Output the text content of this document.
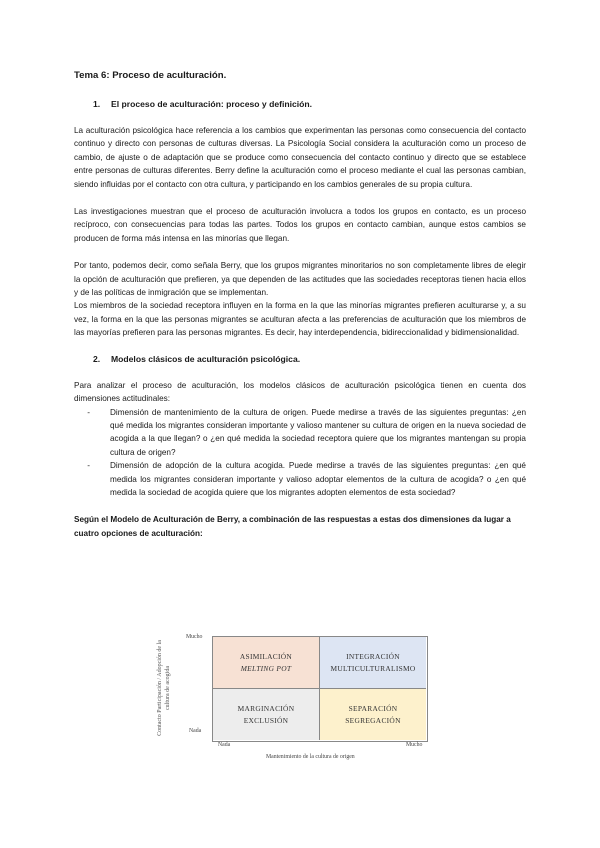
Tema 6: Proceso de aculturación.
1.	El proceso de aculturación: proceso y definición.

La aculturación psicológica hace referencia a los cambios que experimentan las personas como consecuencia del contacto continuo y directo con personas de culturas diversas. La Psicología Social considera la aculturación como un proceso de cambio, de ajuste o de adaptación que se produce como consecuencia del contacto continuo y directo que se establece entre personas de culturas diferentes. Berry define la aculturación como el proceso mediante el cual las personas cambian, siendo influidas por el contacto con otra cultura, y participando en los cambios generales de su propia cultura.

Las investigaciones muestran que el proceso de aculturación involucra a todos los grupos en contacto, es un proceso recíproco, con consecuencias para todas las partes. Todos los grupos en contacto cambian, aunque estos cambios se producen de forma más intensa en las minorías que llegan.

Por tanto, podemos decir, como señala Berry, que los grupos migrantes minoritarios no son completamente libres de elegir la opción de aculturación que prefieren, ya que dependen de las actitudes que las sociedades receptoras tienen hacia ellos y de las políticas de inmigración que se implementan.

Los miembros de la sociedad receptora influyen en la forma en la que las minorías migrantes prefieren aculturarse y, a su vez, la forma en la que las personas migrantes se aculturan afecta a las preferencias de aculturación que los miembros de las mayorías prefieren para las personas migrantes. Es decir, hay interdependencia, bidireccionalidad y bidimensionalidad.

2.	Modelos clásicos de aculturación psicológica.

Para analizar el proceso de aculturación, los modelos clásicos de aculturación psicológica tienen en cuenta dos dimensiones actitudinales:

-	Dimensión de mantenimiento de la cultura de origen. Puede medirse a través de las siguientes preguntas: ¿en qué medida los migrantes consideran importante y valioso mantener su cultura de origen en la nueva sociedad de acogida a la que llegan? o ¿en qué medida la sociedad receptora quiere que los migrantes mantengan su propia cultura de origen?
-	Dimensión de adopción de la cultura acogida. Puede medirse a través de las siguientes preguntas: ¿en qué medida los migrantes consideran importante y valioso adoptar elementos de la cultura de acogida? o ¿en qué medida la sociedad de acogida quiere que los migrantes adopten elementos de esta sociedad?
Según el Modelo de Aculturación de Berry, a combinación de las respuestas a estas dos dimensiones da lugar a cuatro opciones de aculturación:
Contacto Participación / Adopción de la cultura de acogida
Mucho
Nada
ASIMILACIÓN
MELTING POT
INTEGRACIÓN
MULTICULTURALISMO
MARGINACIÓN
EXCLUSIÓN
SEPARACIÓN
SEGREGACIÓN
Nada	Mucho
Mantenimiento de la cultura de origen
